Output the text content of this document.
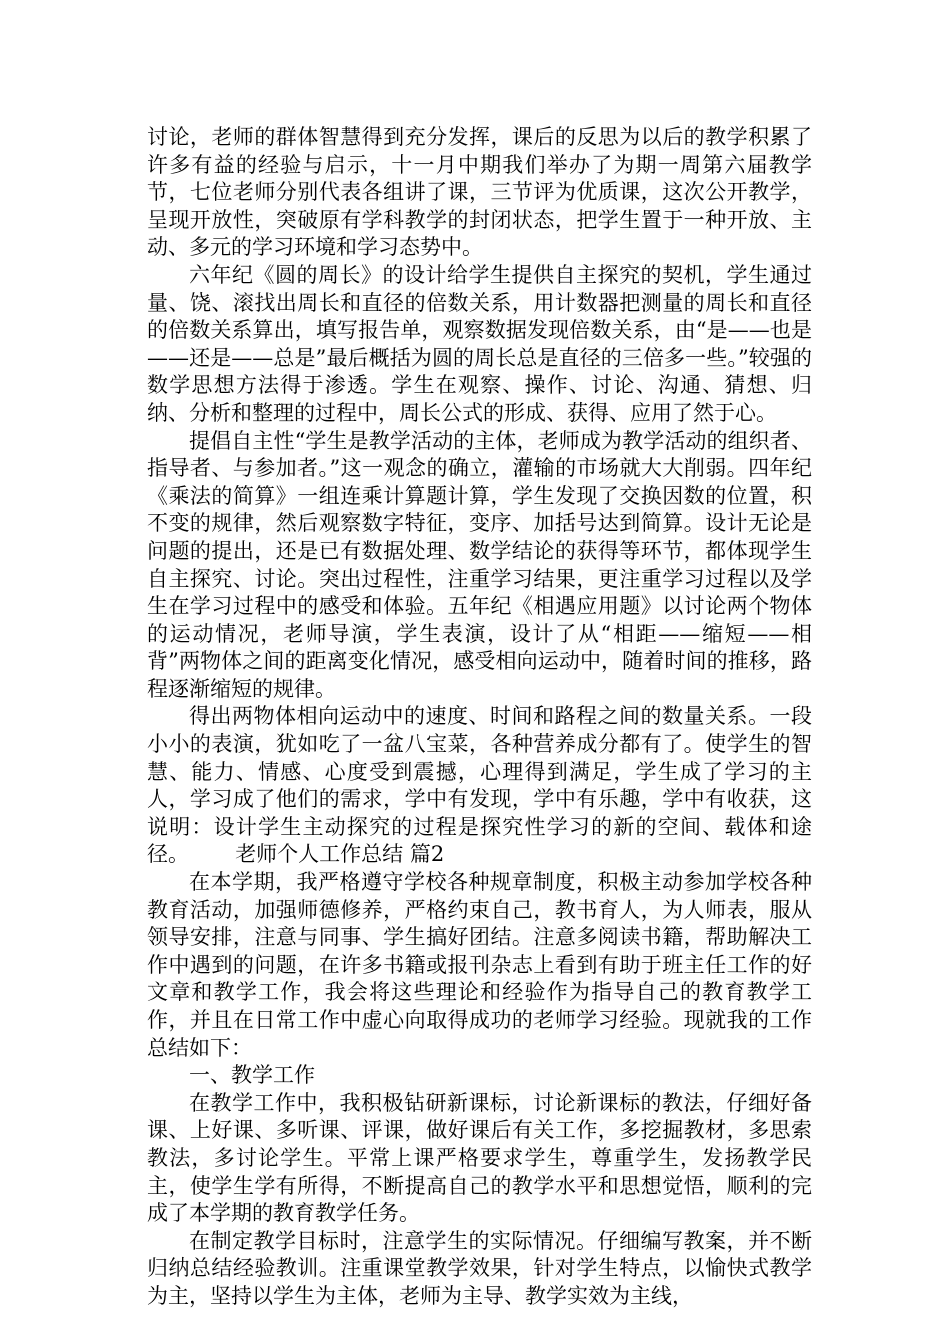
讨论，老师的群体智慧得到充分发挥，课后的反思为以后的教学积累了许多有益的经验与启示，十一月中期我们举办了为期一周第六届教学节，七位老师分别代表各组讲了课，三节评为优质课，这次公开教学，呈现开放性，突破原有学科教学的封闭状态，把学生置于一种开放、主动、多元的学习环境和学习态势中。

六年纪《圆的周长》的设计给学生提供自主探究的契机，学生通过量、饶、滚找出周长和直径的倍数关系，用计数器把测量的周长和直径的倍数关系算出，填写报告单，观察数据发现倍数关系，由“是——也是——还是——总是”最后概括为圆的周长总是直径的三倍多一些。”较强的数学思想方法得于渗透。学生在观察、操作、讨论、沟通、猜想、归纳、分析和整理的过程中，周长公式的形成、获得、应用了然于心。

提倡自主性“学生是教学活动的主体，老师成为教学活动的组织者、指导者、与参加者。”这一观念的确立，灌输的市场就大大削弱。四年纪《乘法的简算》一组连乘计算题计算，学生发现了交换因数的位置，积不变的规律，然后观察数字特征，变序、加括号达到简算。设计无论是问题的提出，还是已有数据处理、数学结论的获得等环节，都体现学生自主探究、讨论。突出过程性，注重学习结果，更注重学习过程以及学生在学习过程中的感受和体验。五年纪《相遇应用题》以讨论两个物体的运动情况，老师导演，学生表演，设计了从“相距——缩短——相背”两物体之间的距离变化情况，感受相向运动中，随着时间的推移，路程逐渐缩短的规律。

得出两物体相向运动中的速度、时间和路程之间的数量关系。一段小小的表演，犹如吃了一盆八宝菜，各种营养成分都有了。使学生的智慧、能力、情感、心度受到震撼，心理得到满足，学生成了学习的主人，学习成了他们的需求，学中有发现，学中有乐趣，学中有收获，这说明：设计学生主动探究的过程是探究性学习的新的空间、载体和途径。 老师个人工作总结 篇2

在本学期，我严格遵守学校各种规章制度，积极主动参加学校各种教育活动，加强师德修养，严格约束自己，教书育人，为人师表，服从领导安排，注意与同事、学生搞好团结。注意多阅读书籍，帮助解决工作中遇到的问题，在许多书籍或报刊杂志上看到有助于班主任工作的好文章和教学工作，我会将这些理论和经验作为指导自己的教育教学工作，并且在日常工作中虚心向取得成功的老师学习经验。现就我的工作总结如下：

一、教学工作

在教学工作中，我积极钻研新课标，讨论新课标的教法，仔细好备课、上好课、多听课、评课，做好课后有关工作，多挖掘教材，多思索教法，多讨论学生。平常上课严格要求学生，尊重学生，发扬教学民主，使学生学有所得，不断提高自己的教学水平和思想觉悟，顺利的完成了本学期的教育教学任务。

在制定教学目标时，注意学生的实际情况。仔细编写教案，并不断归纳总结经验教训。注重课堂教学效果，针对学生特点，以愉快式教学为主，坚持以学生为主体，老师为主导、教学实效为主线，
